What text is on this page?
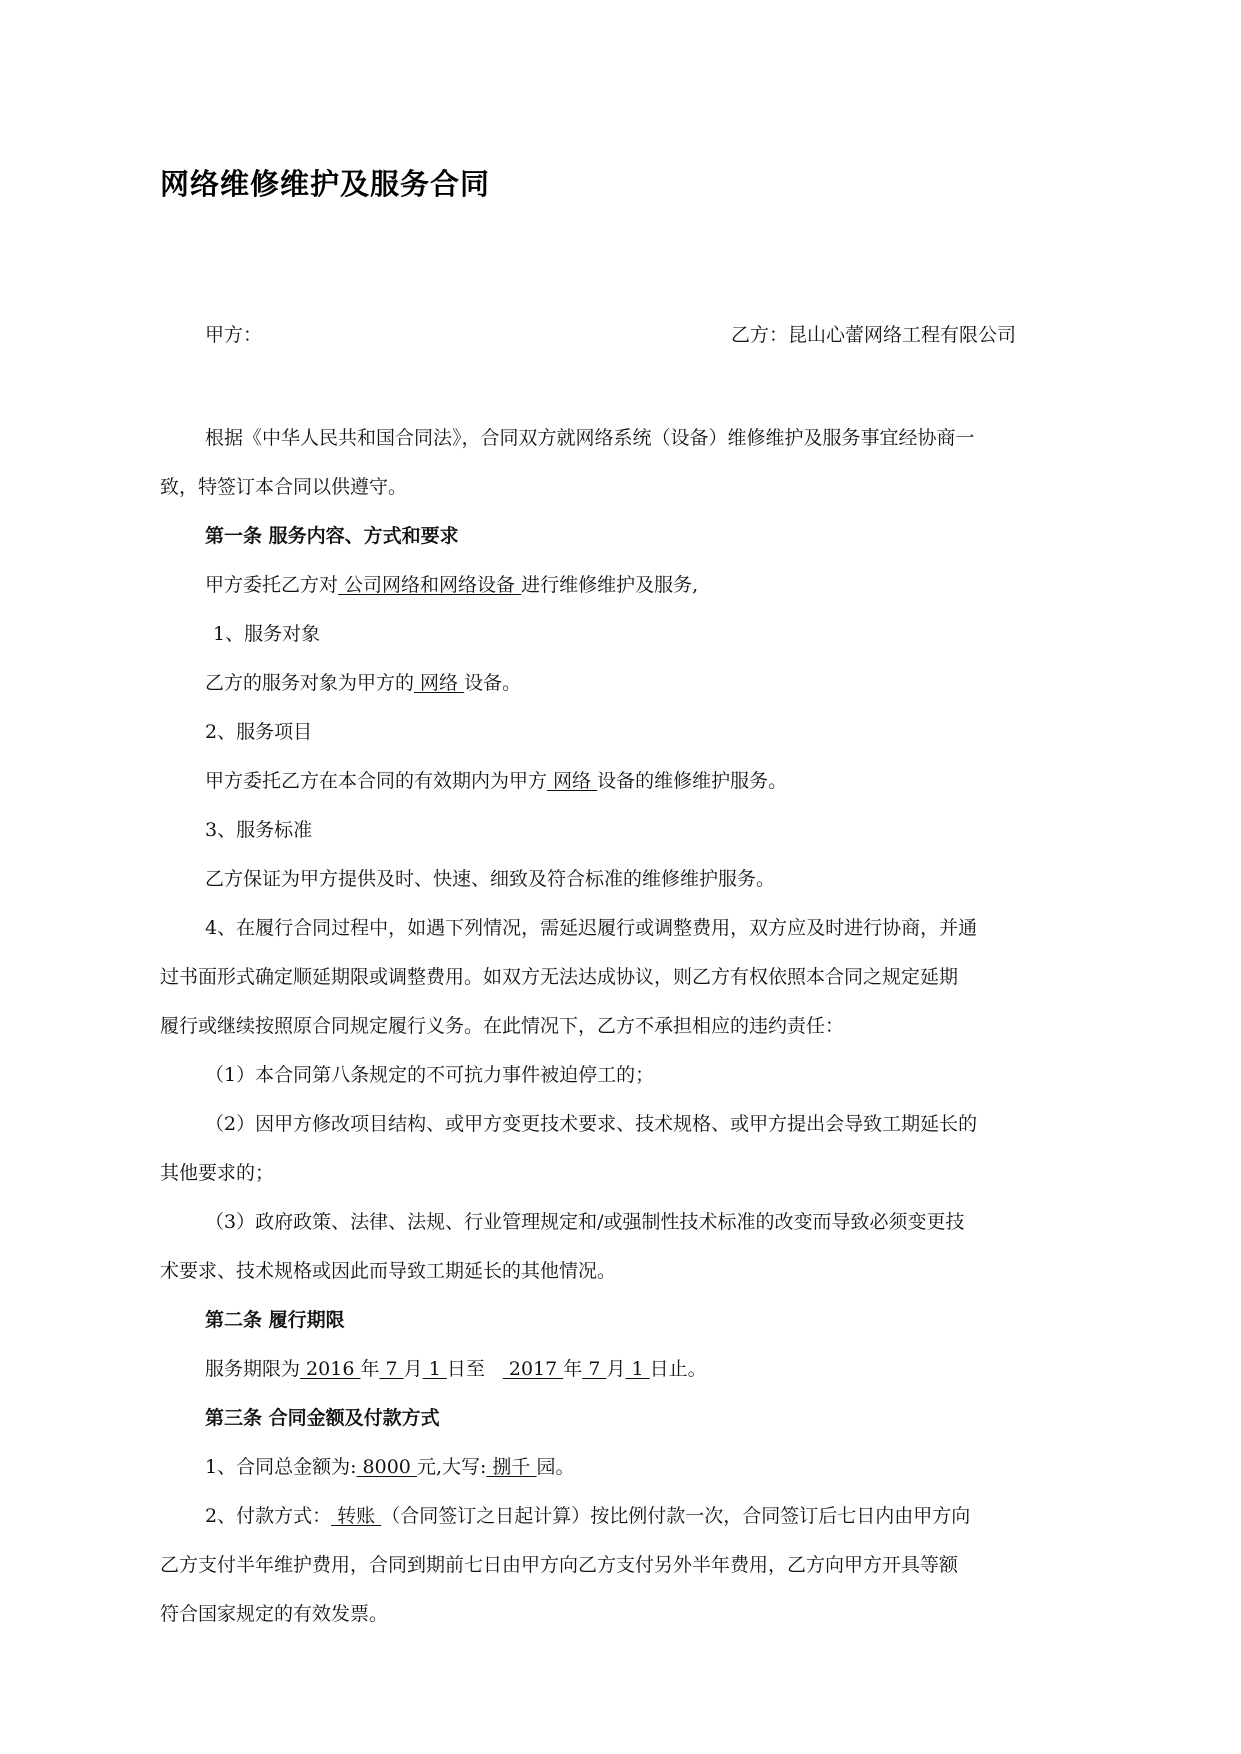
网络维修维护及服务合同
甲方：	乙方：昆山心蕾网络工程有限公司

根据《中华人民共和国合同法》，合同双方就网络系统（设备）维修维护及服务事宜经协商一

致，特签订本合同以供遵守。

第一条 服务内容、方式和要求

甲方委托乙方对 公司网络和网络设备 进行维修维护及服务,

1、服务对象

乙方的服务对象为甲方的 网络 设备。

2、服务项目

甲方委托乙方在本合同的有效期内为甲方 网络 设备的维修维护服务。

3、服务标准

乙方保证为甲方提供及时、快速、细致及符合标准的维修维护服务。

4、在履行合同过程中，如遇下列情况，需延迟履行或调整费用，双方应及时进行协商，并通

过书面形式确定顺延期限或调整费用。如双方无法达成协议，则乙方有权依照本合同之规定延期

履行或继续按照原合同规定履行义务。在此情况下，乙方不承担相应的违约责任：

（1）本合同第八条规定的不可抗力事件被迫停工的；

（2）因甲方修改项目结构、或甲方变更技术要求、技术规格、或甲方提出会导致工期延长的

其他要求的；

（3）政府政策、法律、法规、行业管理规定和/或强制性技术标准的改变而导致必须变更技

术要求、技术规格或因此而导致工期延长的其他情况。

第二条 履行期限

服务期限为 2016 年 7 月 1 日至 2017 年 7 月 1 日止。

第三条 合同金额及付款方式

1、合同总金额为: 8000 元,大写: 捌千 园。

2、付款方式： 转账 （合同签订之日起计算）按比例付款一次，合同签订后七日内由甲方向

乙方支付半年维护费用，合同到期前七日由甲方向乙方支付另外半年费用，乙方向甲方开具等额

符合国家规定的有效发票。
